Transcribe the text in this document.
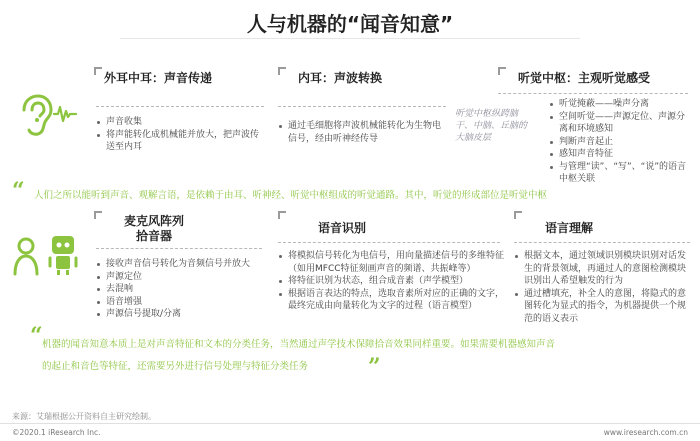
人与机器的“闻音知意”
外耳中耳：声音传递
声音收集
将声能转化成机械能并放大，把声波传送至内耳
内耳：声波转换
通过毛细胞将声波机械能转化为生物电信号，经由听神经传导
听觉中枢：主观听觉感受
听觉中枢纵跨脑干、中脑、丘脑的大脑皮层
听觉掩蔽——噪声分离
空间听觉——声源定位、声源分离和环境感知
判断声音起止
感知声音特征
与管理“读”、“写”、“说”的语言中枢关联
“ 人们之所以能听到声音、观解言语，是依赖于由耳、听神经、听觉中枢组成的听觉通路。其中，听觉的形成部位是听觉中枢
麦克风阵列
拾音器
接收声音信号转化为音频信号并放大
声源定位
去混响
语音增强
声源信号提取/分离
语音识别
将模拟信号转化为电信号，用向量描述信号的多维特征（如用MFCC特征刻画声音的频谱、共振峰等）
将特征识别为状态，组合成音素（声学模型）
根据语言表达的特点，选取音素所对应的正确的文字，最终完成由向量转化为文字的过程（语言模型）
语言理解
根据文本，通过领域识别模块识别对话发生的背景领域，再通过人的意图检测模块识别出人希望触发的行为
通过槽填充，补全人的意图，将隐式的意图转化为显式的指令，为机器提供一个规范的语义表示
“ 机器的闻音知意本质上是对声音特征和文本的分类任务，当然通过声学技术保障拾音效果同样重要。如果需要机器感知声音
的起止和音色等特征，还需要另外进行信号处理与特征分类任务	”
来源：艾瑞根据公开资料自主研究绘制。
©2020.1 iResearch Inc.	www.iresearch.com.cn
